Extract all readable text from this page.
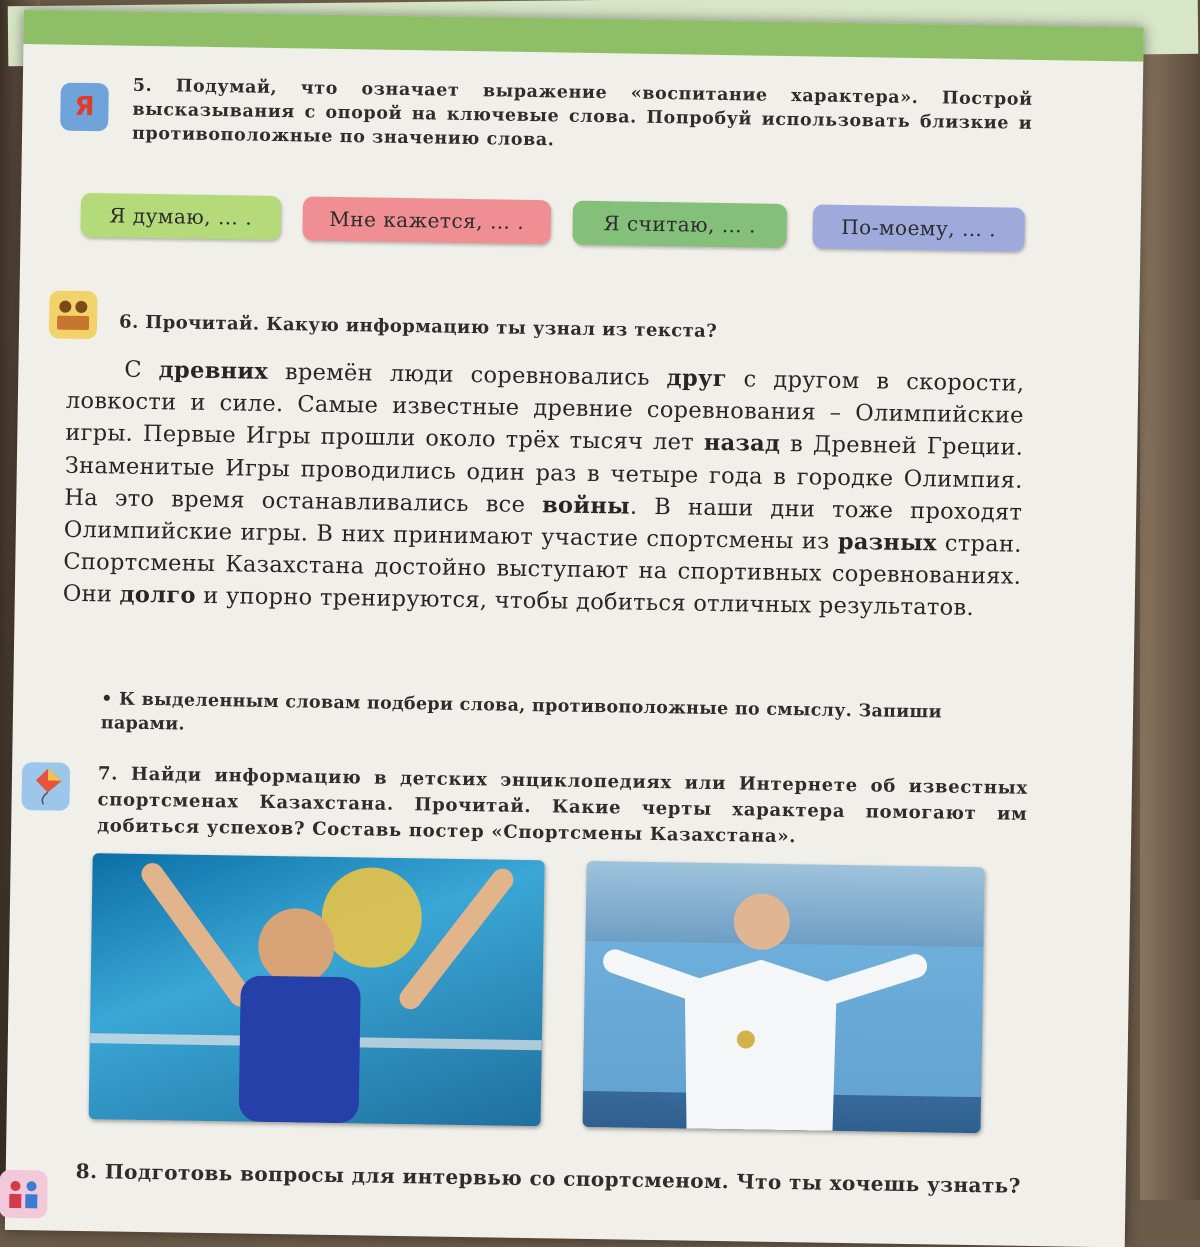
Я 5. Подумай, что означает выражение «воспитание характера». Построй высказывания с опорой на ключевые слова. Попробуй использовать близкие и противоположные по значению слова.
Я думаю, … .	Мне кажется, … .	Я считаю, … .	По-моему, … .
6. Прочитай. Какую информацию ты узнал из текста?

С древних времён люди соревновались друг с другом в скорости, ловкости и силе. Самые известные древние соревнования – Олимпийские игры. Первые Игры прошли около трёх тысяч лет назад в Древней Греции. Знаменитые Игры проводились один раз в четыре года в городке Олимпия. На это время останавливались все войны. В наши дни тоже проходят Олимпийские игры. В них принимают участие спортсмены из разных стран. Спортсмены Казахстана достойно выступают на спортивных соревнованиях. Они долго и упорно тренируются, чтобы добиться отличных результатов.

• К выделенным словам подбери слова, противоположные по смыслу. Запиши парами.
7. Найди информацию в детских энциклопедиях или Интернете об известных спортсменах Казахстана. Прочитай. Какие черты характера помогают им добиться успехов? Составь постер «Спортсмены Казахстана».
8. Подготовь вопросы для интервью со спортсменом. Что ты хочешь узнать?
